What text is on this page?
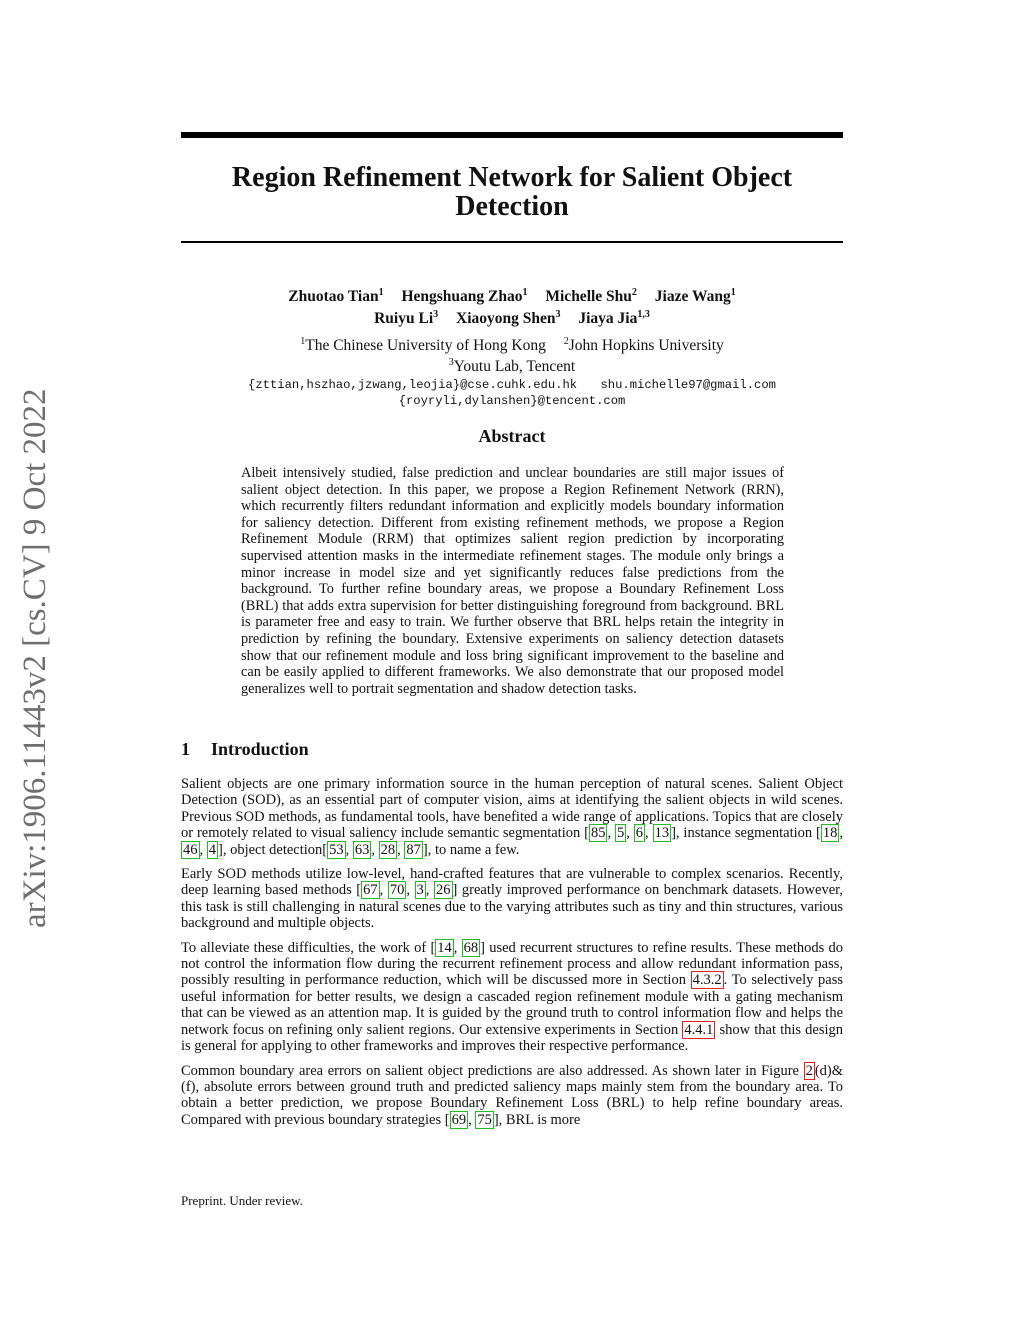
arXiv:1906.11443v2 [cs.CV] 9 Oct 2022
Region Refinement Network for Salient Object
Detection
Zhuotao Tian$^1$ Hengshuang Zhao$^1$ Michelle Shu$^2$ Jiaze Wang$^1$
Ruiyu Li$^3$ Xiaoyong Shen$^3$ Jiaya Jia$^{1,3}$
$^1$The Chinese University of Hong Kong $^2$John Hopkins University
$^3$Youtu Lab, Tencent
{zttian,hszhao,jzwang,leojia}@cse.cuhk.edu.hk shu.michelle97@gmail.com
{royryli,dylanshen}@tencent.com
Abstract
Albeit intensively studied, false prediction and unclear boundaries are still major issues of salient object detection. In this paper, we propose a Region Refinement Network (RRN), which recurrently filters redundant information and explicitly models boundary information for saliency detection. Different from existing refinement methods, we propose a Region Refinement Module (RRM) that optimizes salient region prediction by incorporating supervised attention masks in the intermediate refinement stages. The module only brings a minor increase in model size and yet significantly reduces false predictions from the background. To further refine boundary areas, we propose a Boundary Refinement Loss (BRL) that adds extra supervision for better distinguishing foreground from background. BRL is parameter free and easy to train. We further observe that BRL helps retain the integrity in prediction by refining the boundary. Extensive experiments on saliency detection datasets show that our refinement module and loss bring significant improvement to the baseline and can be easily applied to different frameworks. We also demonstrate that our proposed model generalizes well to portrait segmentation and shadow detection tasks.
1 Introduction

Salient objects are one primary information source in the human perception of natural scenes. Salient Object Detection (SOD), as an essential part of computer vision, aims at identifying the salient objects in wild scenes. Previous SOD methods, as fundamental tools, have benefited a wide range of applications. Topics that are closely or remotely related to visual saliency include semantic segmentation [ 85 , 5 , 6 , 13 ], instance segmentation [ 18 , 46 , 4 ], object detection[ 53 , 63 , 28 , 87 ], to name a few.

Early SOD methods utilize low-level, hand-crafted features that are vulnerable to complex scenarios. Recently, deep learning based methods [ 67 , 70 , 3 , 26 ] greatly improved performance on benchmark datasets. However, this task is still challenging in natural scenes due to the varying attributes such as tiny and thin structures, various background and multiple objects.

To alleviate these difficulties, the work of [ 14 , 68 ] used recurrent structures to refine results. These methods do not control the information flow during the recurrent refinement process and allow redundant information pass, possibly resulting in performance reduction, which will be discussed more in Section 4.3.2 . To selectively pass useful information for better results, we design a cascaded region refinement module with a gating mechanism that can be viewed as an attention map. It is guided by the ground truth to control information flow and helps the network focus on refining only salient regions. Our extensive experiments in Section 4.4.1 show that this design is general for applying to other frameworks and improves their respective performance.

Common boundary area errors on salient object predictions are also addressed. As shown later in Figure 2 (d)&(f), absolute errors between ground truth and predicted saliency maps mainly stem from the boundary area. To obtain a better prediction, we propose Boundary Refinement Loss (BRL) to help refine boundary areas. Compared with previous boundary strategies [ 69 , 75 ], BRL is more

Preprint. Under review.
